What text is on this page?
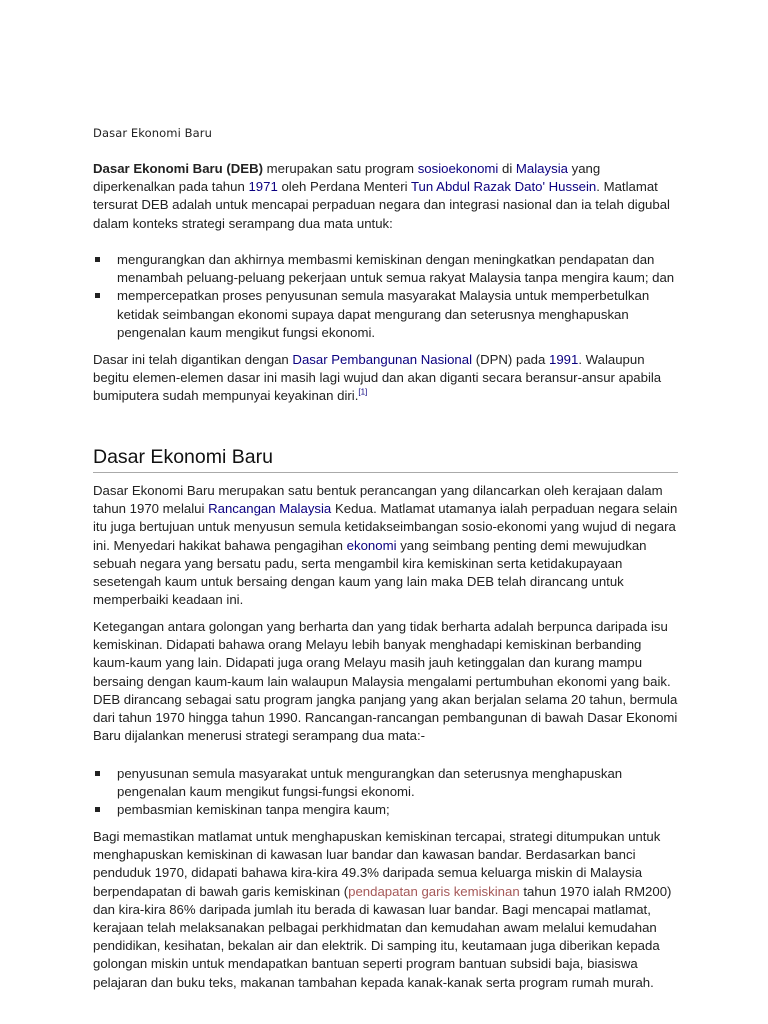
Dasar Ekonomi Baru

Dasar Ekonomi Baru (DEB) merupakan satu program sosioekonomi di Malaysia yang diperkenalkan pada tahun 1971 oleh Perdana Menteri Tun Abdul Razak Dato' Hussein. Matlamat tersurat DEB adalah untuk mencapai perpaduan negara dan integrasi nasional dan ia telah digubal dalam konteks strategi serampang dua mata untuk:

mengurangkan dan akhirnya membasmi kemiskinan dengan meningkatkan pendapatan dan menambah peluang-peluang pekerjaan untuk semua rakyat Malaysia tanpa mengira kaum; dan
mempercepatkan proses penyusunan semula masyarakat Malaysia untuk memperbetulkan ketidak seimbangan ekonomi supaya dapat mengurang dan seterusnya menghapuskan pengenalan kaum mengikut fungsi ekonomi.

Dasar ini telah digantikan dengan Dasar Pembangunan Nasional (DPN) pada 1991. Walaupun begitu elemen-elemen dasar ini masih lagi wujud dan akan diganti secara beransur-ansur apabila bumiputera sudah mempunyai keyakinan diri.[1]

Dasar Ekonomi Baru

Dasar Ekonomi Baru merupakan satu bentuk perancangan yang dilancarkan oleh kerajaan dalam tahun 1970 melalui Rancangan Malaysia Kedua. Matlamat utamanya ialah perpaduan negara selain itu juga bertujuan untuk menyusun semula ketidakseimbangan sosio-ekonomi yang wujud di negara ini. Menyedari hakikat bahawa pengagihan ekonomi yang seimbang penting demi mewujudkan sebuah negara yang bersatu padu, serta mengambil kira kemiskinan serta ketidakupayaan sesetengah kaum untuk bersaing dengan kaum yang lain maka DEB telah dirancang untuk memperbaiki keadaan ini.

Ketegangan antara golongan yang berharta dan yang tidak berharta adalah berpunca daripada isu kemiskinan. Didapati bahawa orang Melayu lebih banyak menghadapi kemiskinan berbanding kaum-kaum yang lain. Didapati juga orang Melayu masih jauh ketinggalan dan kurang mampu bersaing dengan kaum-kaum lain walaupun Malaysia mengalami pertumbuhan ekonomi yang baik. DEB dirancang sebagai satu program jangka panjang yang akan berjalan selama 20 tahun, bermula dari tahun 1970 hingga tahun 1990. Rancangan-rancangan pembangunan di bawah Dasar Ekonomi Baru dijalankan menerusi strategi serampang dua mata:-

penyusunan semula masyarakat untuk mengurangkan dan seterusnya menghapuskan pengenalan kaum mengikut fungsi-fungsi ekonomi.
pembasmian kemiskinan tanpa mengira kaum;

Bagi memastikan matlamat untuk menghapuskan kemiskinan tercapai, strategi ditumpukan untuk menghapuskan kemiskinan di kawasan luar bandar dan kawasan bandar. Berdasarkan banci penduduk 1970, didapati bahawa kira-kira 49.3% daripada semua keluarga miskin di Malaysia berpendapatan di bawah garis kemiskinan (pendapatan garis kemiskinan tahun 1970 ialah RM200) dan kira-kira 86% daripada jumlah itu berada di kawasan luar bandar. Bagi mencapai matlamat, kerajaan telah melaksanakan pelbagai perkhidmatan dan kemudahan awam melalui kemudahan pendidikan, kesihatan, bekalan air dan elektrik. Di samping itu, keutamaan juga diberikan kepada golongan miskin untuk mendapatkan bantuan seperti program bantuan subsidi baja, biasiswa pelajaran dan buku teks, makanan tambahan kepada kanak-kanak serta program rumah murah.
